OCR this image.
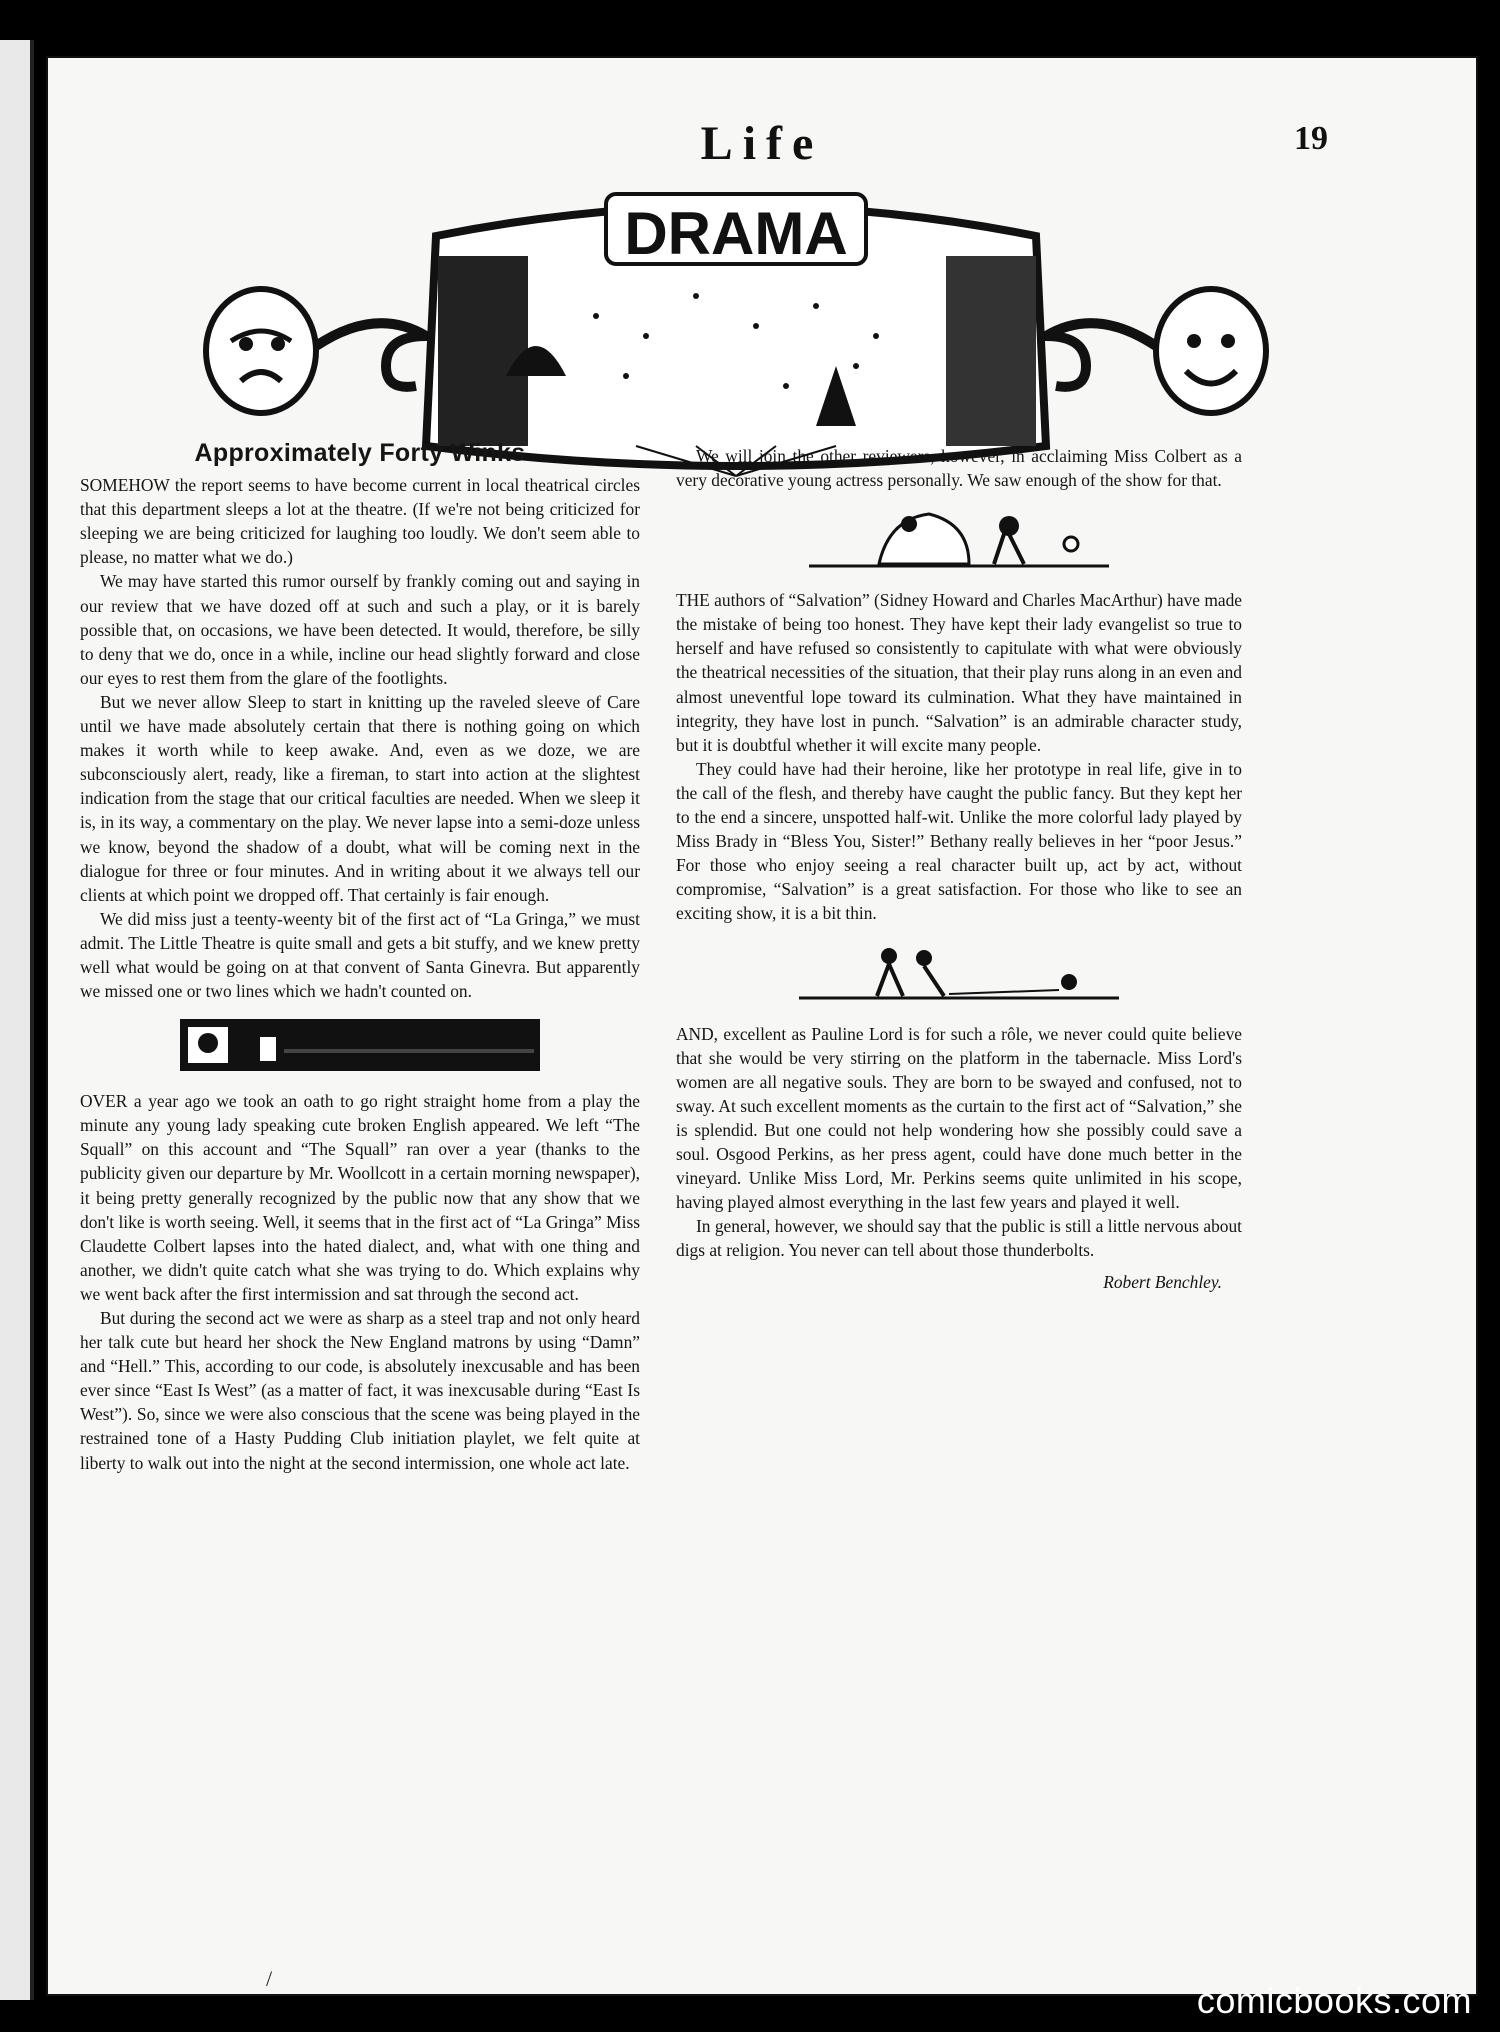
Life	19
DRAMA
Approximately Forty Winks

SOMEHOW the report seems to have become current in local theatrical circles that this department sleeps a lot at the theatre. (If we're not being criticized for sleeping we are being criticized for laughing too loudly. We don't seem able to please, no matter what we do.)

We may have started this rumor ourself by frankly coming out and saying in our review that we have dozed off at such and such a play, or it is barely possible that, on occasions, we have been detected. It would, therefore, be silly to deny that we do, once in a while, incline our head slightly forward and close our eyes to rest them from the glare of the footlights.

But we never allow Sleep to start in knitting up the raveled sleeve of Care until we have made absolutely certain that there is nothing going on which makes it worth while to keep awake. And, even as we doze, we are subconsciously alert, ready, like a fireman, to start into action at the slightest indication from the stage that our critical faculties are needed. When we sleep it is, in its way, a commentary on the play. We never lapse into a semi-doze unless we know, beyond the shadow of a doubt, what will be coming next in the dialogue for three or four minutes. And in writing about it we always tell our clients at which point we dropped off. That certainly is fair enough.

We did miss just a teenty-weenty bit of the first act of “La Gringa,” we must admit. The Little Theatre is quite small and gets a bit stuffy, and we knew pretty well what would be going on at that convent of Santa Ginevra. But apparently we missed one or two lines which we hadn't counted on.

OVER a year ago we took an oath to go right straight home from a play the minute any young lady speaking cute broken English appeared. We left “The Squall” on this account and “The Squall” ran over a year (thanks to the publicity given our departure by Mr. Woollcott in a certain morning newspaper), it being pretty generally recognized by the public now that any show that we don't like is worth seeing. Well, it seems that in the first act of “La Gringa” Miss Claudette Colbert lapses into the hated dialect, and, what with one thing and another, we didn't quite catch what she was trying to do. Which explains why we went back after the first intermission and sat through the second act.

But during the second act we were as sharp as a steel trap and not only heard her talk cute but heard her shock the New England matrons by using “Damn” and “Hell.” This, according to our code, is absolutely inexcusable and has been ever since “East Is West” (as a matter of fact, it was inexcusable during “East Is West”). So, since we were also conscious that the scene was being played in the restrained tone of a Hasty Pudding Club initiation playlet, we felt quite at liberty to walk out into the night at the second intermission, one whole act late.

We will join the other reviewers, however, in acclaiming Miss Colbert as a very decorative young actress personally. We saw enough of the show for that.

THE authors of “Salvation” (Sidney Howard and Charles MacArthur) have made the mistake of being too honest. They have kept their lady evangelist so true to herself and have refused so consistently to capitulate with what were obviously the theatrical necessities of the situation, that their play runs along in an even and almost uneventful lope toward its culmination. What they have maintained in integrity, they have lost in punch. “Salvation” is an admirable character study, but it is doubtful whether it will excite many people.

They could have had their heroine, like her prototype in real life, give in to the call of the flesh, and thereby have caught the public fancy. But they kept her to the end a sincere, unspotted half-wit. Unlike the more colorful lady played by Miss Brady in “Bless You, Sister!” Bethany really believes in her “poor Jesus.” For those who enjoy seeing a real character built up, act by act, without compromise, “Salvation” is a great satisfaction. For those who like to see an exciting show, it is a bit thin.

AND, excellent as Pauline Lord is for such a rôle, we never could quite believe that she would be very stirring on the platform in the tabernacle. Miss Lord's women are all negative souls. They are born to be swayed and confused, not to sway. At such excellent moments as the curtain to the first act of “Salvation,” she is splendid. But one could not help wondering how she possibly could save a soul. Osgood Perkins, as her press agent, could have done much better in the vineyard. Unlike Miss Lord, Mr. Perkins seems quite unlimited in his scope, having played almost everything in the last few years and played it well.

In general, however, we should say that the public is still a little nervous about digs at religion. You never can tell about those thunderbolts.

Robert Benchley.
/
comicbooks.com
